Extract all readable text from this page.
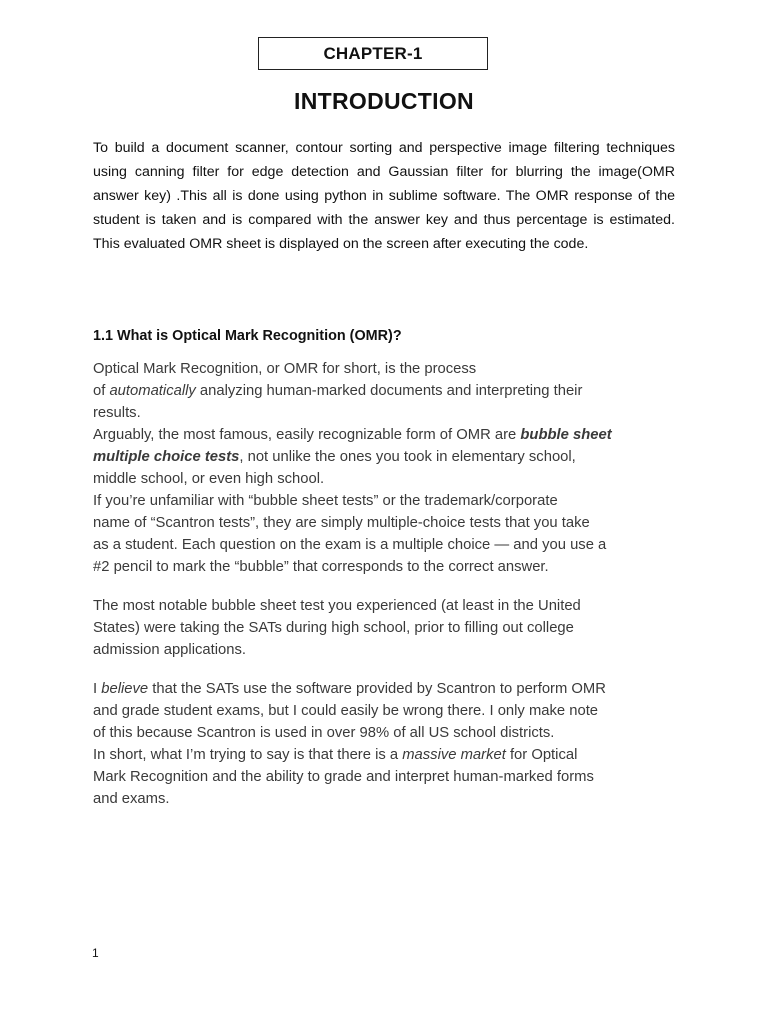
CHAPTER-1
INTRODUCTION

To build a document scanner, contour sorting and perspective image filtering techniques using canning filter for edge detection and Gaussian filter for blurring the image(OMR answer key) .This all is done using python in sublime software. The OMR response of the student is taken and is compared with the answer key and thus percentage is estimated. This evaluated OMR sheet is displayed on the screen after executing the code.

1.1 What is Optical Mark Recognition (OMR)?
Optical Mark Recognition, or OMR for short, is the process
of automatically analyzing human-marked documents and interpreting their
results.
Arguably, the most famous, easily recognizable form of OMR are bubble sheet
multiple choice tests, not unlike the ones you took in elementary school,
middle school, or even high school.
If you’re unfamiliar with “bubble sheet tests” or the trademark/corporate
name of “Scantron tests”, they are simply multiple-choice tests that you take
as a student. Each question on the exam is a multiple choice — and you use a
#2 pencil to mark the “bubble” that corresponds to the correct answer.
The most notable bubble sheet test you experienced (at least in the United
States) were taking the SATs during high school, prior to filling out college
admission applications.
I believe that the SATs use the software provided by Scantron to perform OMR
and grade student exams, but I could easily be wrong there. I only make note
of this because Scantron is used in over 98% of all US school districts.
In short, what I’m trying to say is that there is a massive market for Optical
Mark Recognition and the ability to grade and interpret human-marked forms
and exams.
1
